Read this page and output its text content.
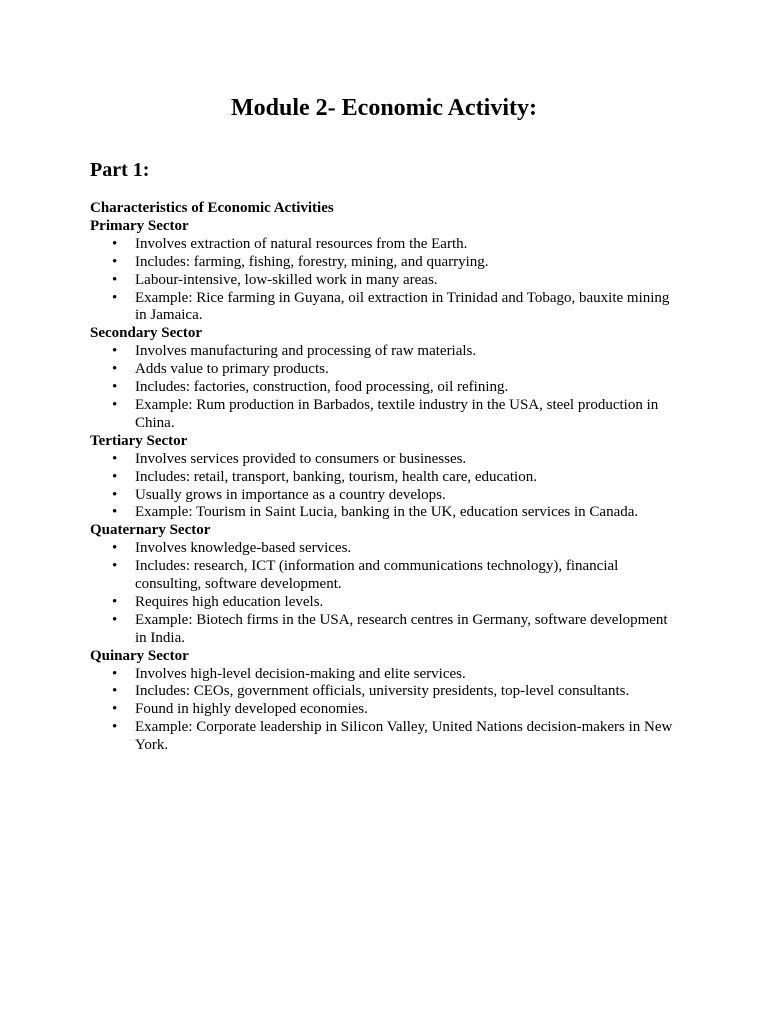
Module 2- Economic Activity:
Part 1:

Characteristics of Economic Activities

Primary Sector

• Involves extraction of natural resources from the Earth.
• Includes: farming, fishing, forestry, mining, and quarrying.
• Labour-intensive, low-skilled work in many areas.
• Example: Rice farming in Guyana, oil extraction in Trinidad and Tobago, bauxite mining in Jamaica.

Secondary Sector

• Involves manufacturing and processing of raw materials.
• Adds value to primary products.
• Includes: factories, construction, food processing, oil refining.
• Example: Rum production in Barbados, textile industry in the USA, steel production in China.

Tertiary Sector

• Involves services provided to consumers or businesses.
• Includes: retail, transport, banking, tourism, health care, education.
• Usually grows in importance as a country develops.
• Example: Tourism in Saint Lucia, banking in the UK, education services in Canada.

Quaternary Sector

• Involves knowledge-based services.
• Includes: research, ICT (information and communications technology), financial consulting, software development.
• Requires high education levels.
• Example: Biotech firms in the USA, research centres in Germany, software development in India.

Quinary Sector

• Involves high-level decision-making and elite services.
• Includes: CEOs, government officials, university presidents, top-level consultants.
• Found in highly developed economies.
• Example: Corporate leadership in Silicon Valley, United Nations decision-makers in New York.
